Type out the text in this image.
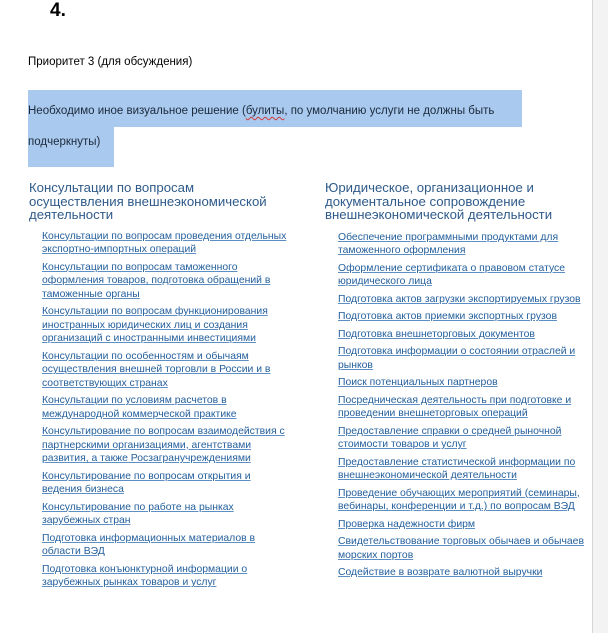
4.
Приоритет 3 (для обсуждения)
Необходимо иное визуальное решение (булиты, по умолчанию услуги не должны быть подчеркнуты)
Консультации по вопросам осуществления внешнеэкономической деятельности
Консультации по вопросам проведения отдельных экспортно-импортных операций
Консультации по вопросам таможенного оформления товаров, подготовка обращений в таможенные органы
Консультации по вопросам функционирования иностранных юридических лиц и создания организаций с иностранными инвестициями
Консультации по особенностям и обычаям осуществления внешней торговли в России и в соответствующих странах
Консультации по условиям расчетов в международной коммерческой практике
Консультирование по вопросам взаимодействия с партнерскими организациями, агентствами развития, а также Росзагранучреждениями
Консультирование по вопросам открытия и ведения бизнеса
Консультирование по работе на рынках зарубежных стран
Подготовка информационных материалов в области ВЭД
Подготовка конъюнктурной информации о зарубежных рынках товаров и услуг
Юридическое, организационное и документальное сопровождение внешнеэкономической деятельности
Обеспечение программными продуктами для таможенного оформления
Оформление сертификата о правовом статусе юридического лица
Подготовка актов загрузки экспортируемых грузов
Подготовка актов приемки экспортных грузов
Подготовка внешнеторговых документов
Подготовка информации о состоянии отраслей и рынков
Поиск потенциальных партнеров
Посредническая деятельность при подготовке и проведении внешнеторговых операций
Предоставление справки о средней рыночной стоимости товаров и услуг
Предоставление статистической информации по внешнеэкономической деятельности
Проведение обучающих мероприятий (семинары, вебинары, конференции и т.д.) по вопросам ВЭД
Проверка надежности фирм
Свидетельствование торговых обычаев и обычаев морских портов
Содействие в возврате валютной выручки
